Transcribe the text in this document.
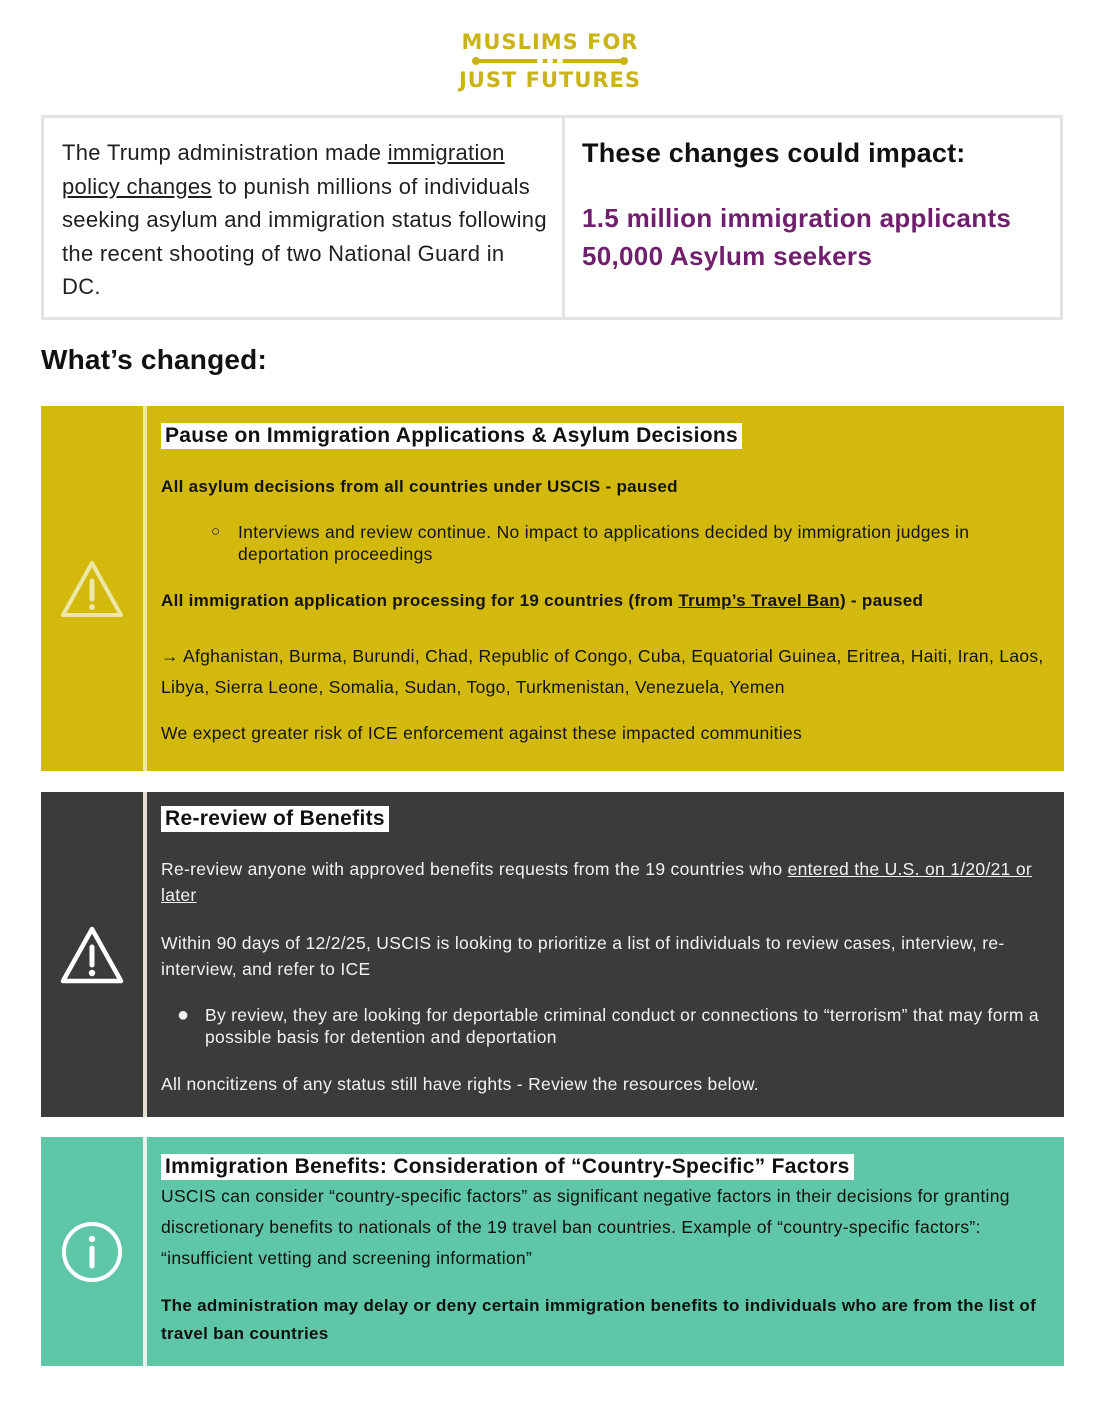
MUSLIMS FOR
JUST FUTURES
The Trump administration made immigration policy changes to punish millions of individuals seeking asylum and immigration status following the recent shooting of two National Guard in DC.
These changes could impact:
1.5 million immigration applicants
50,000 Asylum seekers
What’s changed:
Pause on Immigration Applications & Asylum Decisions

All asylum decisions from all countries under USCIS - paused

○	Interviews and review continue. No impact to applications decided by immigration judges in deportation proceedings

All immigration application processing for 19 countries (from Trump’s Travel Ban) - paused

→ Afghanistan, Burma, Burundi, Chad, Republic of Congo, Cuba, Equatorial Guinea, Eritrea, Haiti, Iran, Laos, Libya, Sierra Leone, Somalia, Sudan, Togo, Turkmenistan, Venezuela, Yemen

We expect greater risk of ICE enforcement against these impacted communities

Re-review of Benefits

Re-review anyone with approved benefits requests from the 19 countries who entered the U.S. on 1/20/21 or later

Within 90 days of 12/2/25, USCIS is looking to prioritize a list of individuals to review cases, interview, re-interview, and refer to ICE

● By review, they are looking for deportable criminal conduct or connections to “terrorism” that may form a possible basis for detention and deportation

All noncitizens of any status still have rights - Review the resources below.

Immigration Benefits: Consideration of “Country-Specific” Factors

USCIS can consider “country-specific factors” as significant negative factors in their decisions for granting discretionary benefits to nationals of the 19 travel ban countries. Example of “country-specific factors”: “insufficient vetting and screening information”

The administration may delay or deny certain immigration benefits to individuals who are from the list of travel ban countries
